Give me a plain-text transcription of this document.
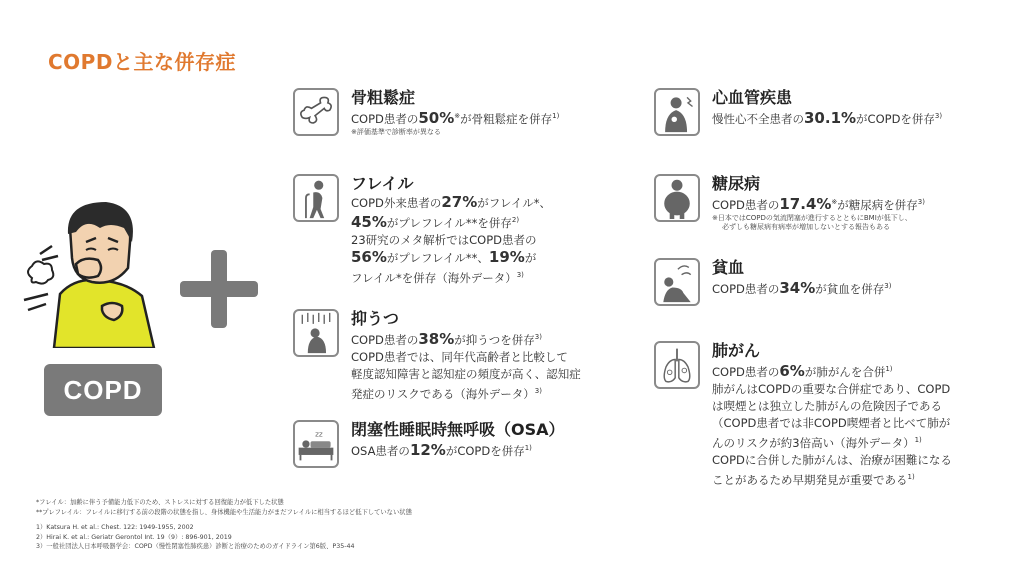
COPDと主な併存症
COPD
骨粗鬆症
COPD患者の50%※が骨粗鬆症を併存$^{1)}$
※評価基準で診断率が異なる
フレイル
COPD外来患者の27%がフレイル*、
45%がプレフレイル**を併存$^{2)}$
23研究のメタ解析ではCOPD患者の
56%がプレフレイル**、19%が
フレイル*を併存（海外データ）$^{3)}$
抑うつ
COPD患者の38%が抑うつを併存$^{3)}$
COPD患者では、同年代高齢者と比較して
軽度認知障害と認知症の頻度が高く、認知症
発症のリスクである（海外データ）$^{3)}$
zz 閉塞性睡眠時無呼吸（OSA）
OSA患者の12%がCOPDを併存$^{1)}$
心血管疾患
慢性心不全患者の30.1%がCOPDを併存$^{3)}$
糖尿病
COPD患者の17.4%※が糖尿病を併存$^{3)}$
※日本ではCOPDの気流閉塞が進行するとともにBMIが低下し、
必ずしも糖尿病有病率が増加しないとする報告もある
貧血
COPD患者の34%が貧血を併存$^{3)}$
肺がん
COPD患者の6%が肺がんを合併$^{1)}$
肺がんはCOPDの重要な合併症であり、COPD
は喫煙とは独立した肺がんの危険因子である
（COPD患者では非COPD喫煙者と比べて肺が
んのリスクが約3倍高い（海外データ）$^{1)}$
COPDに合併した肺がんは、治療が困難になる
ことがあるため早期発見が重要である$^{1)}$
*フレイル：加齢に伴う予備能力低下のため、ストレスに対する回復能力が低下した状態
**プレフレイル：フレイルに移行する前の段階の状態を指し、身体機能や生活能力がまだフレイルに相当するほど低下していない状態
1）Katsura H. et al.: Chest. 122: 1949-1955, 2002
2）Hirai K. et al.: Geriatr Gerontol Int. 19（9）: 896-901, 2019
3）一般社団法人日本呼吸器学会：COPD（慢性閉塞性肺疾患）診断と治療のためのガイドライン第6版、P35-44
